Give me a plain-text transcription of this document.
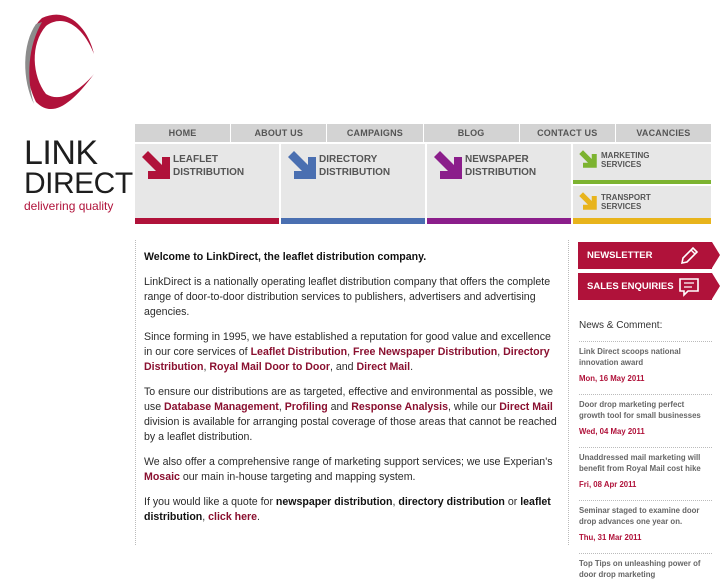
LINK
DIRECT
delivering quality
HOME	ABOUT US	CAMPAIGNS	BLOG	CONTACT US	VACANCIES
LEAFLET
DISTRIBUTION
DIRECTORY
DISTRIBUTION
NEWSPAPER
DISTRIBUTION
MARKETING
SERVICES
TRANSPORT
SERVICES

Welcome to LinkDirect, the leaflet distribution company.

LinkDirect is a nationally operating leaflet distribution company that offers the complete range of door-to-door distribution services to publishers, advertisers and advertising agencies.

Since forming in 1995, we have established a reputation for good value and excellence in our core services of Leaflet Distribution, Free Newspaper Distribution, Directory Distribution, Royal Mail Door to Door, and Direct Mail.

To ensure our distributions are as targeted, effective and environmental as possible, we use Database Management, Profiling and Response Analysis, while our Direct Mail division is available for arranging postal coverage of those areas that cannot be reached by a leaflet distribution.

We also offer a comprehensive range of marketing support services; we use Experian's Mosaic our main in-house targeting and mapping system.

If you would like a quote for newspaper distribution, directory distribution or leaflet distribution, click here.

NEWSLETTER
SALES ENQUIRIES
News & Comment:
Link Direct scoops national innovation award
Mon, 16 May 2011
Door drop marketing perfect growth tool for small businesses
Wed, 04 May 2011
Unaddressed mail marketing will benefit from Royal Mail cost hike
Fri, 08 Apr 2011
Seminar staged to examine door drop advances one year on.
Thu, 31 Mar 2011
Top Tips on unleashing power of door drop marketing
